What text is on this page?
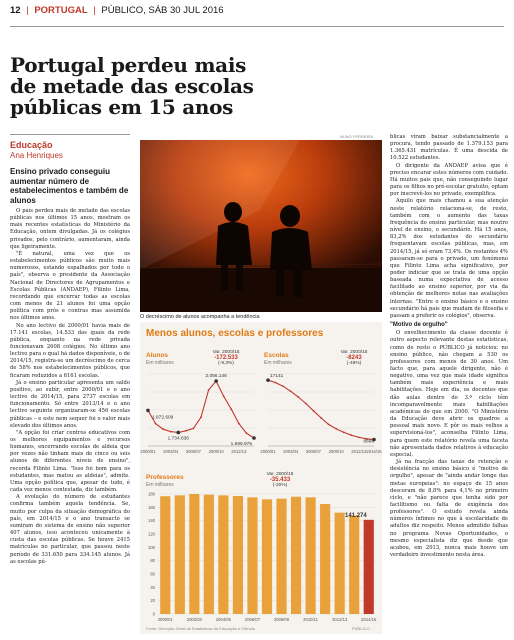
12 | PORTUGAL | PÚBLICO, SÁB 30 JUL 2016
Portugal perdeu mais de metade das escolas públicas em 15 anos
Educação
Ana Henriques
Ensino privado conseguiu aumentar número de estabelecimentos e também de alunos

O país perdeu mais de metade das escolas públicas nos últimos 15 anos, mostram os mais recentes estatísticas do Ministério da Educação, ontem divulgadas. Já os colégios privados, pelo contrário, aumentaram, ainda que ligeiramente.

"É natural, uma vez que os estabelecimentos públicos são muito mais numerosos, estando espalhados por todo o país", observa o presidente da Associação Nacional de Directores de Agrupamentos e Escolas Públicas (ANDAEP), Filinto Lima, recordando que encerrar todas as escolas com menos de 21 alunos foi uma opção política com prós e contras mas assumida nos últimos anos.

No ano lectivo de 2000/01 havia mais de 17.141 escolas, 14.533 das quais da rede pública, enquanto na rede privada funcionavam 2608 colégios. No último ano lectivo para o qual há dados disponíveis, o de 2014/15, registra-se um decréscimo de cerca de 58% nos estabelecimentos públicos, que ficaram reduzidos a 6161 escolas.

Já o ensino particular apresenta um saldo positivo, ao subir, entre 2000/01 e o ano lectivo de 2014/15, para 2737 escolas em funcionamento. Só entre 2013/14 e o ano lectivo seguinte organizaram-se 456 escolas públicas – e este nem sequer foi o valor mais elevado dos últimos anos.

"A opção foi criar centros educativos com os melhores equipamentos e recursos humanos, encerrando escolas de aldeia que por vezes não tinham mais de cinco ou seis alunos de diferentes níveis de ensino", recorda Filinto Lima. "Isso foi bom para os estudantes, mas matou as aldeias", admite. Uma opção política que, apesar de tudo, é cada vez menos contestada, diz também.

A evolução do número de estudantes confirma também aquela tendência. Se, muito por culpa da situação demográfica do país, em 2014/15 e o ano transacto se sumiram do sistema de ensino não superior 407 alunos, isso aconteceu unicamente à custa das escolas públicas. Se houve 2415 matrículas no particular, que passou neste período de 331.650 para 334.145 alunos. Já as escolas pú-

NUNO FERREIRA
O decréscimo de alunos acompanha a tendência

blicas viram baixar substancialmente a procura, tendo passado de 1.379.153 para 1.365.431 matrículas. É uma descida de 10.522 estudantes.

O dirigente da ANDAEP avisa que é preciso encarar estes números com cuidado. Há muitos pais que, não conseguindo lugar para os filhos no pré-escolar gratuito, optam por inscrevê-los no privado, exemplifica.

Aquilo que mais chamou a sua atenção neste relatório relaciona-se, de resto, também com o aumento das taxas frequência do ensino particular, mas noutro nível de ensino, o secundário. Há 15 anos, 83,2% dos estudantes do secundário frequentavam escolas públicas, mas, em 2014/15, já só eram 73,4%. Os restantes 4% passaram-se para o privado, um fenómeno que Filinto Lima acha significativo, por poder indiciar que se trata de uma opção baseada numa expectativa de acesso facilitado ao ensino superior, por via da obtenção de melhores notas nas avaliações internas. "Entre o ensino básico e o ensino secundário há pais que mudam de filosofia e passam a preferir os colégios", observa.

"Motivo de orgulho"

O envelhecimento da classe docente é outro aspecto relevante destas estatísticas, como de resto o PÚBLICO já noticiou: no ensino público, não chegam a 530 os professores com menos de 30 anos. Um facto que, para aquele dirigente, não é negativo, uma vez que mais idade significa também mais experiência e mais habilitações. Hoje em dia, os docentes que dão aulas dentro do 3.º ciclo têm incomparavelmente mais habilitações académicas do que em 2000. "O Ministério da Educação deve abrir os quadros a pessoal mais novo. E pôr os mais velhos a supervisioná-los", aconselha Filinto Lima, para quem este relatório revela uma faceta não apresentada dados relativos à educação especial.

Já na fracção das taxas de retenção e desistência no ensino básico é "motivo de orgulho", apesar de "ainda andar longe das metas europeias": no espaço de 15 anos desceram de 8,8% para 4,1% no primeiro ciclo, e "não parece que tenha sido por facilitismo ou falta de exigência dos professores". O estudo revela ainda números ínfimos no que à escolaridade de adultos diz respeito. Menos admitido falhas no programa Novas Oportunidades, o mesmo especialista diz que desde que acabou, em 2013, nunca mais houve um verdadeiro investimento nesta área.

Menos alunos, escolas e professores
Alunos
Em milhares
Var. 2000/15
-172.533
(-9,3%)
1.872.609
1.734.636
2.056.146
1.699.976
2000/01 2003/04 2006/07 2009/10 2012/13
Escolas
Em milhares
Var. 2000/15
-8243
(-48%)
17141
8898
2000/01 2003/04 2006/07 2009/10 2012/13 2014/15
Professores
Em milhares
Var. 2000/15
-35.433
(-20%)
0
20
40
60
80
100
120
140
160
180
2000/01	2002/03	2004/05	2006/07	2008/09	2010/11	2012/13	2014/15
141.274
Fonte: Direcção-Geral de Estatísticas da Educação e Ciência	PÚBLICO
